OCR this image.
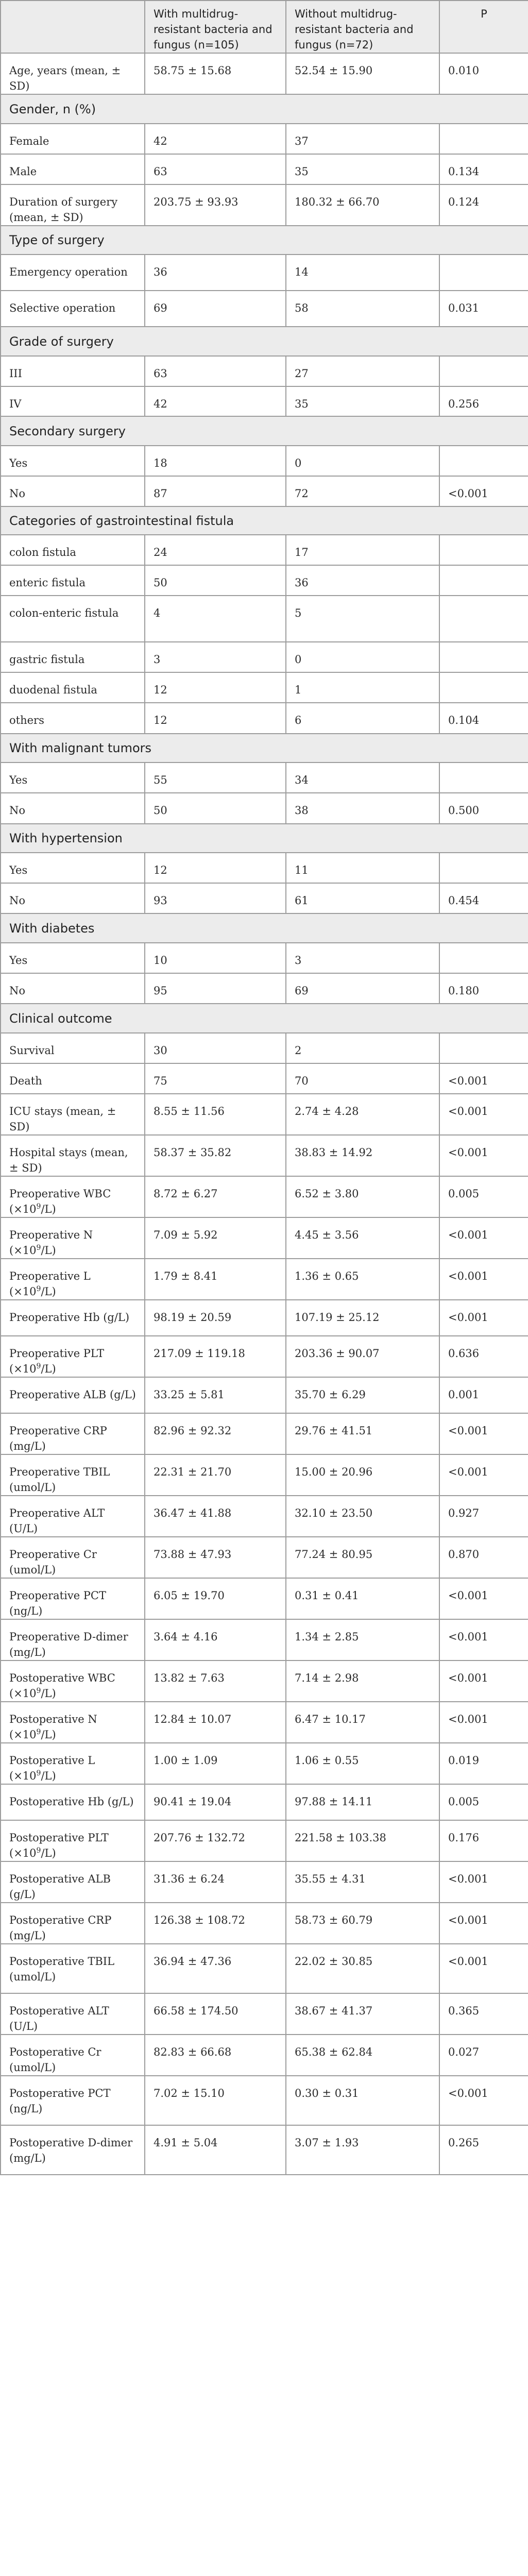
	With multidrug-resistant bacteria and fungus (n=105)	Without multidrug-resistant bacteria and fungus (n=72)	P
Age, years (mean, ± SD)	58.75 ± 15.68	52.54 ± 15.90	0.010
Gender, n (%)			
Female	42	37	
Male	63	35	0.134
Duration of surgery (mean, ± SD)	203.75 ± 93.93	180.32 ± 66.70	0.124
Type of surgery			
Emergency operation	36	14	
Selective operation	69	58	0.031
Grade of surgery			
III	63	27	
IV	42	35	0.256
Secondary surgery			
Yes	18	0	
No	87	72	<0.001
Categories of gastrointestinal fistula			
colon fistula	24	17	
enteric fistula	50	36	
colon-enteric fistula	4	5	
gastric fistula	3	0	
duodenal fistula	12	1	
others	12	6	0.104
With malignant tumors			
Yes	55	34	
No	50	38	0.500
With hypertension			
Yes	12	11	
No	93	61	0.454
With diabetes			
Yes	10	3	
No	95	69	0.180
Clinical outcome			
Survival	30	2	
Death	75	70	<0.001
ICU stays (mean, ± SD)	8.55 ± 11.56	2.74 ± 4.28	<0.001
Hospital stays (mean, ± SD)	58.37 ± 35.82	38.83 ± 14.92	<0.001
Preoperative WBC $(\times 10^9/L)$	8.72 ± 6.27	6.52 ± 3.80	0.005
Preoperative N $(\times 10^9/L)$	7.09 ± 5.92	4.45 ± 3.56	<0.001
Preoperative L $(\times 10^9/L)$	1.79 ± 8.41	1.36 ± 0.65	<0.001
Preoperative Hb (g/L)	98.19 ± 20.59	107.19 ± 25.12	<0.001
Preoperative PLT $(\times 10^9/L)$	217.09 ± 119.18	203.36 ± 90.07	0.636
Preoperative ALB (g/L)	33.25 ± 5.81	35.70 ± 6.29	0.001
Preoperative CRP (mg/L)	82.96 ± 92.32	29.76 ± 41.51	<0.001
Preoperative TBIL (umol/L)	22.31 ± 21.70	15.00 ± 20.96	<0.001
Preoperative ALT (U/L)	36.47 ± 41.88	32.10 ± 23.50	0.927
Preoperative Cr (umol/L)	73.88 ± 47.93	77.24 ± 80.95	0.870
Preoperative PCT (ng/L)	6.05 ± 19.70	0.31 ± 0.41	<0.001
Preoperative D-dimer (mg/L)	3.64 ± 4.16	1.34 ± 2.85	<0.001
Postoperative WBC $(\times 10^9/L)$	13.82 ± 7.63	7.14 ± 2.98	<0.001
Postoperative N $(\times 10^9/L)$	12.84 ± 10.07	6.47 ± 10.17	<0.001
Postoperative L $(\times 10^9/L)$	1.00 ± 1.09	1.06 ± 0.55	0.019
Postoperative Hb (g/L)	90.41 ± 19.04	97.88 ± 14.11	0.005
Postoperative PLT $(\times 10^9/L)$	207.76 ± 132.72	221.58 ± 103.38	0.176
Postoperative ALB (g/L)	31.36 ± 6.24	35.55 ± 4.31	<0.001
Postoperative CRP (mg/L)	126.38 ± 108.72	58.73 ± 60.79	<0.001
Postoperative TBIL (umol/L)	36.94 ± 47.36	22.02 ± 30.85	<0.001
Postoperative ALT (U/L)	66.58 ± 174.50	38.67 ± 41.37	0.365
Postoperative Cr (umol/L)	82.83 ± 66.68	65.38 ± 62.84	0.027
Postoperative PCT (ng/L)	7.02 ± 15.10	0.30 ± 0.31	<0.001
Postoperative D-dimer (mg/L)	4.91 ± 5.04	3.07 ± 1.93	0.265
